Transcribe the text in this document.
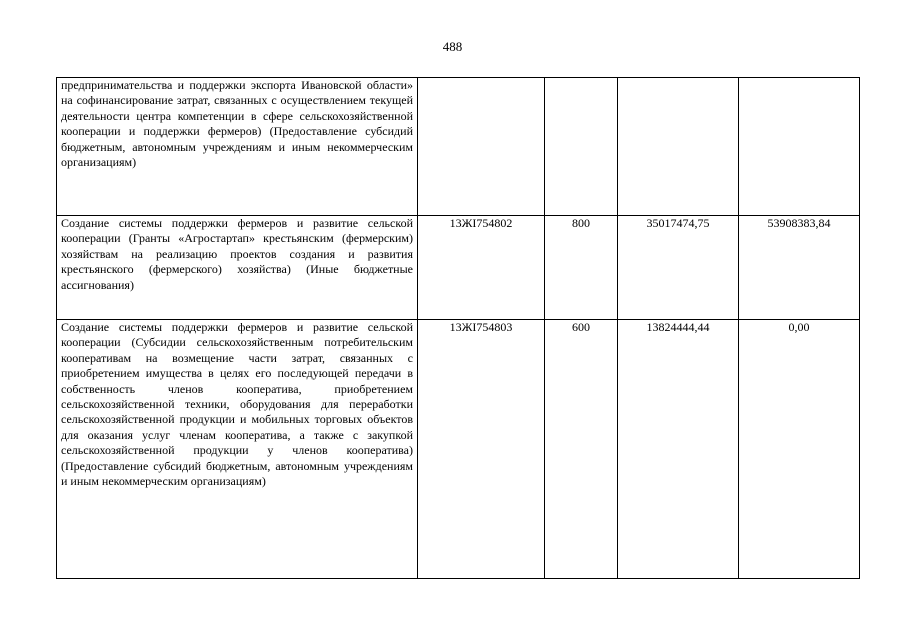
488
предпринимательства и поддержки экспорта Ивановской области» на софинансирование затрат, связанных с осуществлением текущей деятельности центра компетенции в сфере сельскохозяйственной кооперации и поддержки фермеров) (Предоставление субсидий бюджетным, автономным учреждениям и иным некоммерческим организациям)				
Создание системы поддержки фермеров и развитие сельской кооперации (Гранты «Агростартап» крестьянским (фермерским) хозяйствам на реализацию проектов создания и развития крестьянского (фермерского) хозяйства) (Иные бюджетные ассигнования)	13ЖI754802	800	35017474,75	53908383,84
Создание системы поддержки фермеров и развитие сельской кооперации (Субсидии сельскохозяйственным потребительским кооперативам на возмещение части затрат, связанных с приобретением имущества в целях его последующей передачи в собственность членов кооператива, приобретением сельскохозяйственной техники, оборудования для переработки сельскохозяйственной продукции и мобильных торговых объектов для оказания услуг членам кооператива, а также с закупкой сельскохозяйственной продукции у членов кооператива) (Предоставление субсидий бюджетным, автономным учреждениям и иным некоммерческим организациям)	13ЖI754803	600	13824444,44	0,00
